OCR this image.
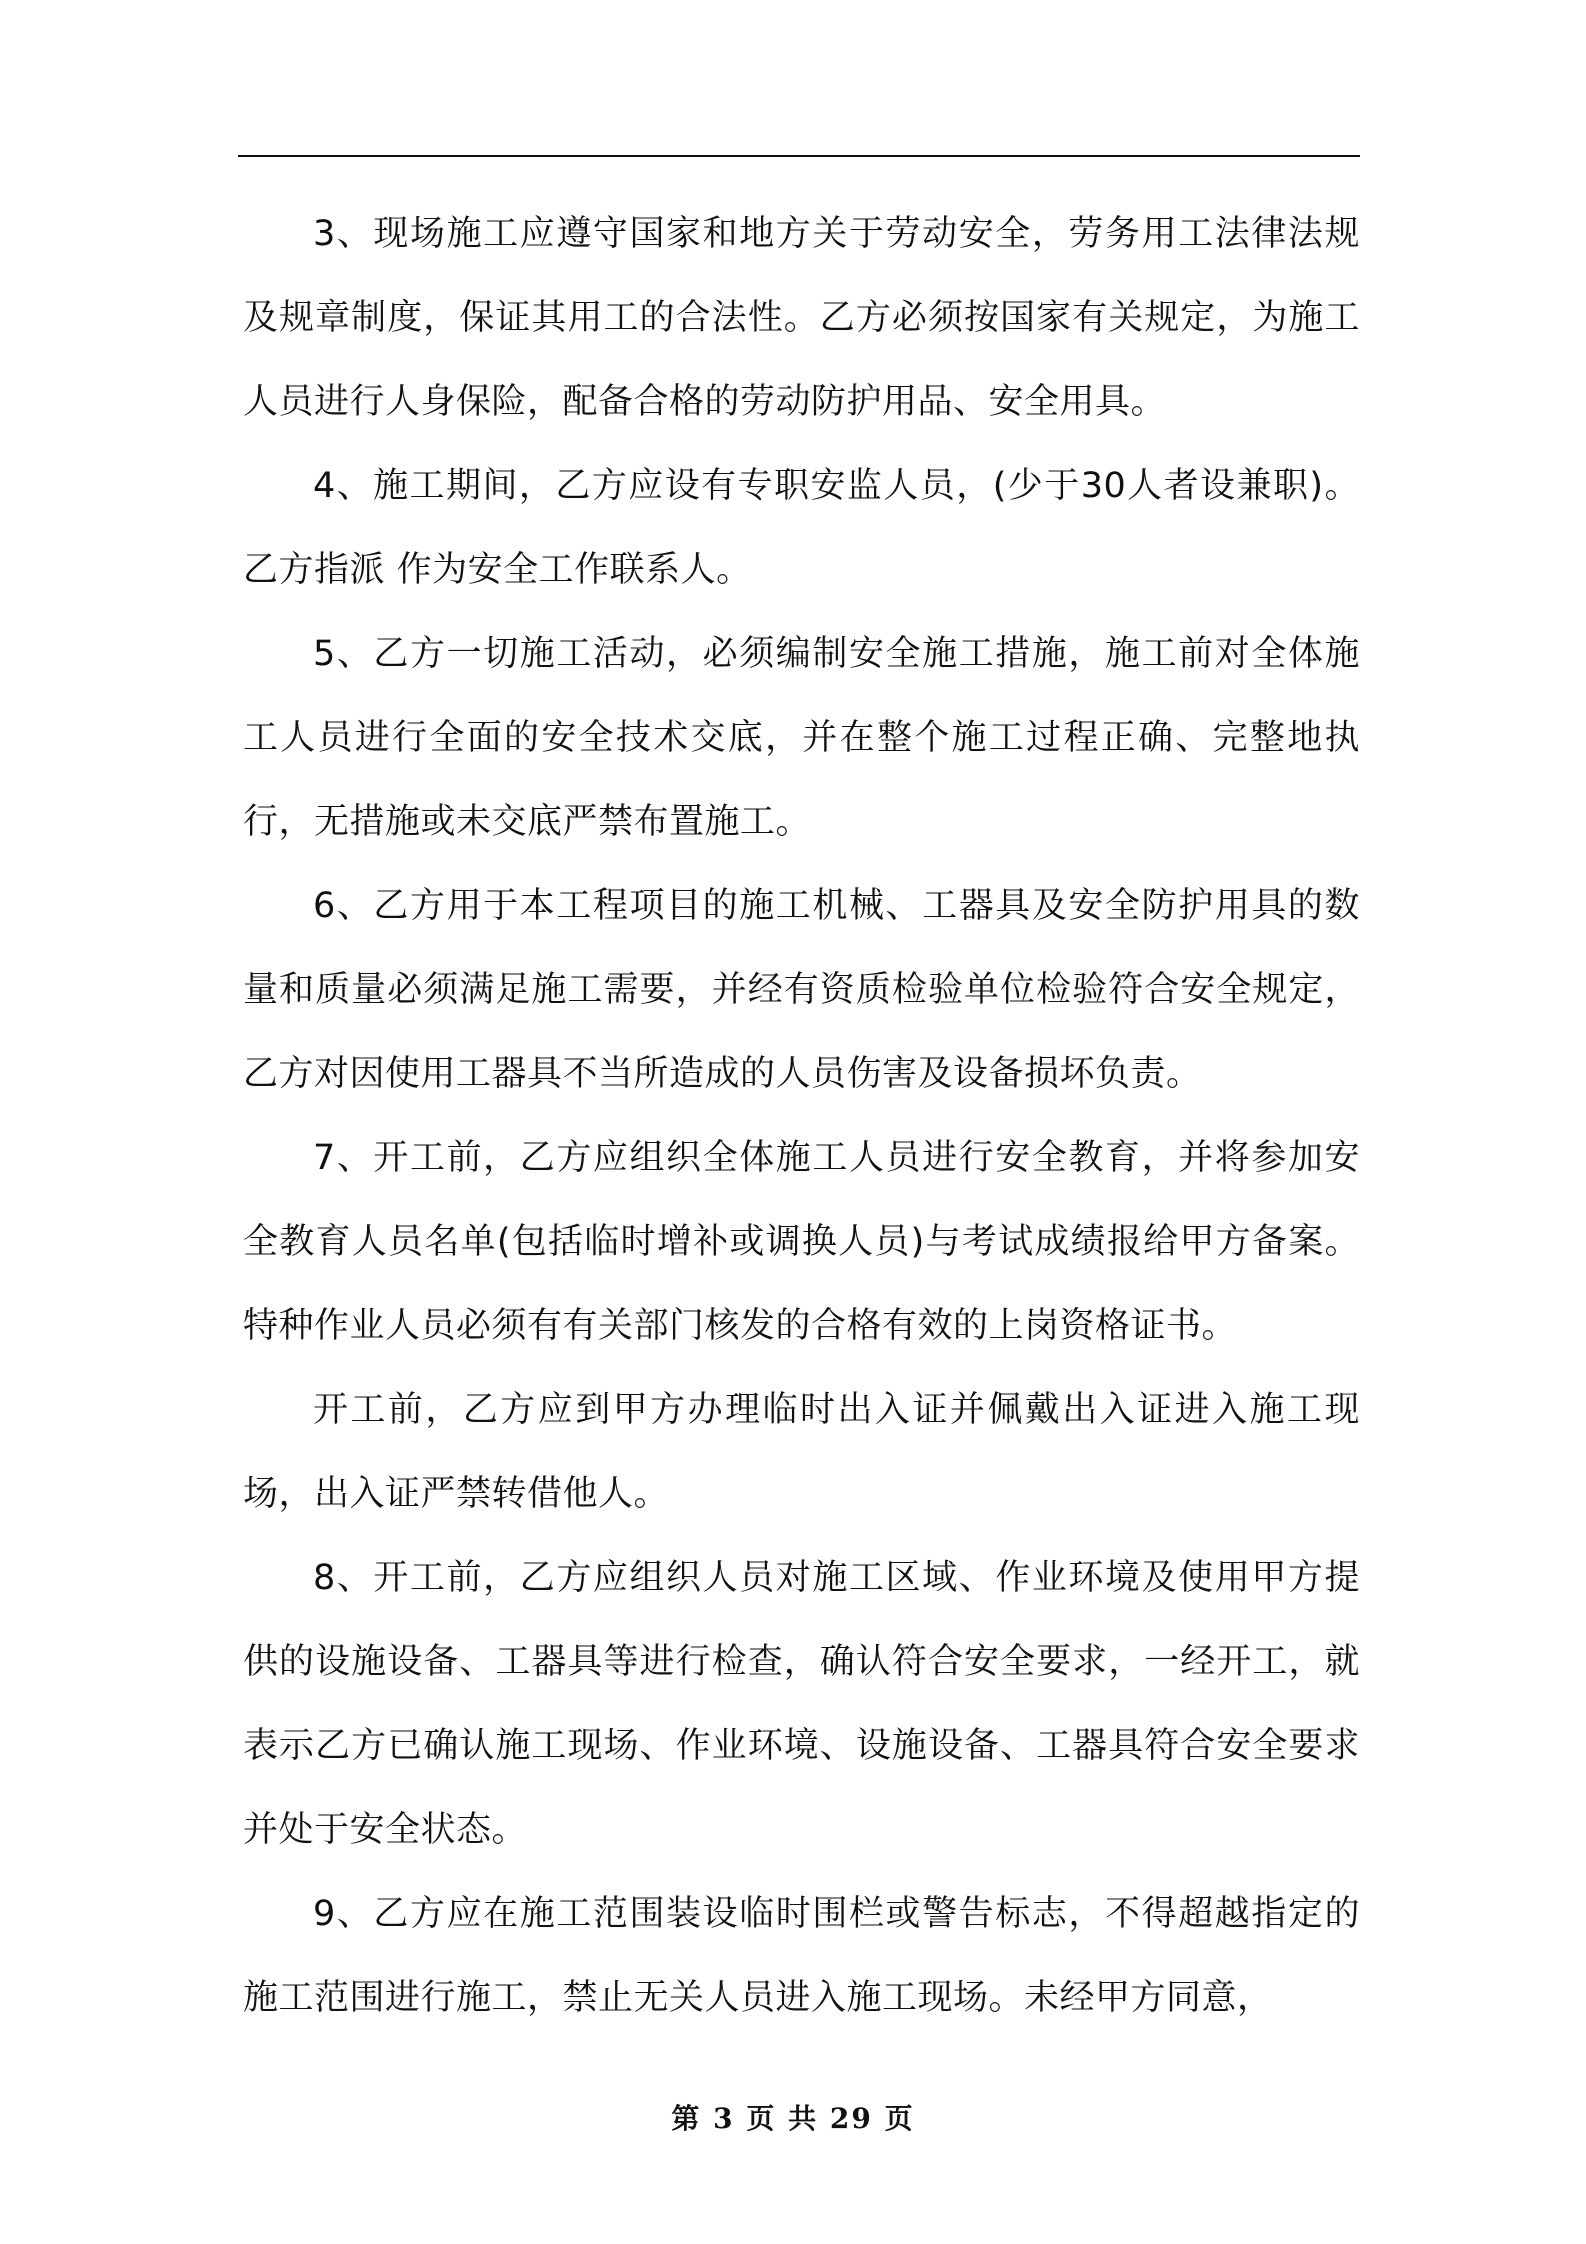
3、现场施工应遵守国家和地方关于劳动安全，劳务用工法律法规及规章制度，保证其用工的合法性。乙方必须按国家有关规定，为施工人员进行人身保险，配备合格的劳动防护用品、安全用具。

4、施工期间，乙方应设有专职安监人员，(少于30人者设兼职)。乙方指派 作为安全工作联系人。

5、乙方一切施工活动，必须编制安全施工措施，施工前对全体施工人员进行全面的安全技术交底，并在整个施工过程正确、完整地执行，无措施或未交底严禁布置施工。

6、乙方用于本工程项目的施工机械、工器具及安全防护用具的数量和质量必须满足施工需要，并经有资质检验单位检验符合安全规定，乙方对因使用工器具不当所造成的人员伤害及设备损坏负责。

7、开工前，乙方应组织全体施工人员进行安全教育，并将参加安全教育人员名单(包括临时增补或调换人员)与考试成绩报给甲方备案。特种作业人员必须有有关部门核发的合格有效的上岗资格证书。

开工前，乙方应到甲方办理临时出入证并佩戴出入证进入施工现场，出入证严禁转借他人。

8、开工前，乙方应组织人员对施工区域、作业环境及使用甲方提供的设施设备、工器具等进行检查，确认符合安全要求，一经开工，就表示乙方已确认施工现场、作业环境、设施设备、工器具符合安全要求并处于安全状态。

9、乙方应在施工范围装设临时围栏或警告标志，不得超越指定的施工范围进行施工，禁止无关人员进入施工现场。未经甲方同意，

第 3 页 共 29 页
